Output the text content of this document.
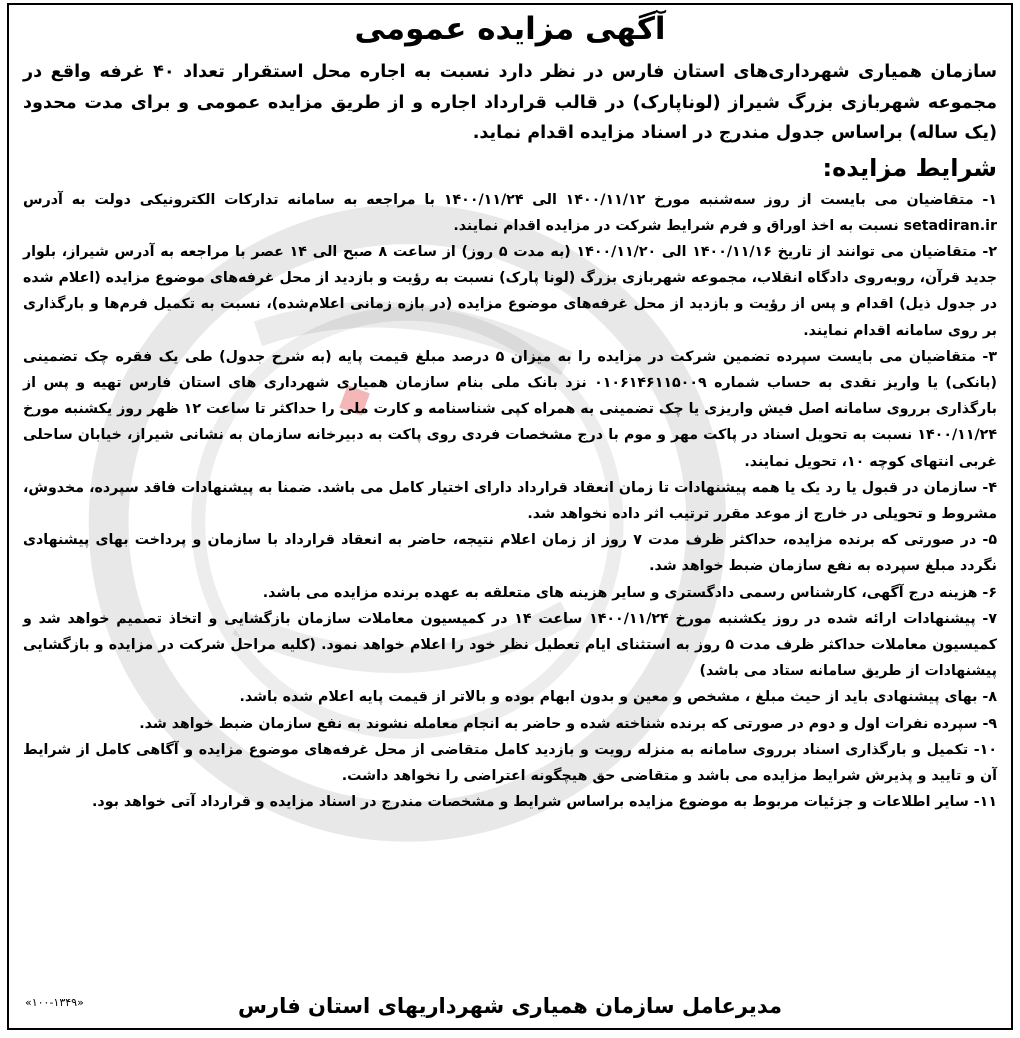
آگهی مزایده عمومی

سازمان همیاری شهرداری‌های استان فارس در نظر دارد نسبت به اجاره محل استقرار تعداد ۴۰ غرفه واقع در مجموعه شهربازی بزرگ شیراز (لوناپارک) در قالب قرارداد اجاره و از طریق مزایده عمومی و برای مدت محدود (یک ساله) براساس جدول مندرج در اسناد مزایده اقدام نماید.

شرایط مزایده:

۱- متقاضیان می بایست از روز سه‌شنبه مورخ ۱۴۰۰/۱۱/۱۲ الی ۱۴۰۰/۱۱/۲۴ با مراجعه به سامانه تدارکات الکترونیکی دولت به آدرس setadiran.ir نسبت به اخذ اوراق و فرم شرایط شرکت در مزایده اقدام نمایند.

۲- متقاضیان می توانند از تاریخ ۱۴۰۰/۱۱/۱۶ الی ۱۴۰۰/۱۱/۲۰ (به مدت ۵ روز) از ساعت ۸ صبح الی ۱۴ عصر با مراجعه به آدرس شیراز، بلوار جدید قرآن، روبه‌روی دادگاه انقلاب، مجموعه شهربازی بزرگ (لونا پارک) نسبت به رؤیت و بازدید از محل غرفه‌های موضوع مزایده (اعلام شده در جدول ذیل) اقدام و پس از رؤیت و بازدید از محل غرفه‌های موضوع مزایده (در بازه زمانی اعلام‌شده)، نسبت به تکمیل فرم‌ها و بارگذاری بر روی سامانه اقدام نمایند.

۳- متقاضیان می بایست سپرده تضمین شرکت در مزایده را به میزان ۵ درصد مبلغ قیمت پایه (به شرح جدول) طی یک فقره چک تضمینی (بانکی) یا واریز نقدی به حساب شماره ۰۱۰۶۱۴۶۱۱۵۰۰۹ نزد بانک ملی بنام سازمان همیاری شهرداری های استان فارس تهیه و پس از بارگذاری برروی سامانه اصل فیش واریزی یا چک تضمینی به همراه کپی شناسنامه و کارت ملی را حداکثر تا ساعت ۱۲ ظهر روز یکشنبه مورخ ۱۴۰۰/۱۱/۲۴ نسبت به تحویل اسناد در پاکت مهر و موم با درج مشخصات فردی روی پاکت به دبیرخانه سازمان به نشانی شیراز، خیابان ساحلی غربی انتهای کوچه ۱۰، تحویل نمایند.

۴- سازمان در قبول یا رد یک یا همه پیشنهادات تا زمان انعقاد قرارداد دارای اختیار کامل می باشد. ضمنا به پیشنهادات فاقد سپرده، مخدوش، مشروط و تحویلی در خارج از موعد مقرر ترتیب اثر داده نخواهد شد.

۵- در صورتی که برنده مزایده، حداکثر ظرف مدت ۷ روز از زمان اعلام نتیجه، حاضر به انعقاد قرارداد با سازمان و پرداخت بهای پیشنهادی نگردد مبلغ سپرده به نفع سازمان ضبط خواهد شد.

۶- هزینه درج آگهی، کارشناس رسمی دادگستری و سایر هزینه های متعلقه به عهده برنده مزایده می باشد.

۷- پیشنهادات ارائه شده در روز یکشنبه مورخ ۱۴۰۰/۱۱/۲۴ ساعت ۱۴ در کمیسیون معاملات سازمان بازگشایی و اتخاذ تصمیم خواهد شد و کمیسیون معاملات حداکثر ظرف مدت ۵ روز به استثنای ایام تعطیل نظر خود را اعلام خواهد نمود. (کلیه مراحل شرکت در مزایده و بازگشایی پیشنهادات از طریق سامانه ستاد می باشد)

۸- بهای پیشنهادی باید از حیث مبلغ ، مشخص و معین و بدون ابهام بوده و بالاتر از قیمت پایه اعلام شده باشد.

۹- سپرده نفرات اول و دوم در صورتی که برنده شناخته شده و حاضر به انجام معامله نشوند به نفع سازمان ضبط خواهد شد.

۱۰- تکمیل و بارگذاری اسناد برروی سامانه به منزله رویت و بازدید کامل متقاضی از محل غرفه‌های موضوع مزایده و آگاهی کامل از شرایط آن و تایید و پذیرش شرایط مزایده می باشد و متقاضی حق هیچگونه اعتراضی را نخواهد داشت.

۱۱- سایر اطلاعات و جزئیات مربوط به موضوع مزایده براساس شرایط و مشخصات مندرج در اسناد مزایده و قرارداد آتی خواهد بود.

مدیرعامل سازمان همیاری شهرداریهای استان فارس
«۱۰۰-۱۳۴۹»
